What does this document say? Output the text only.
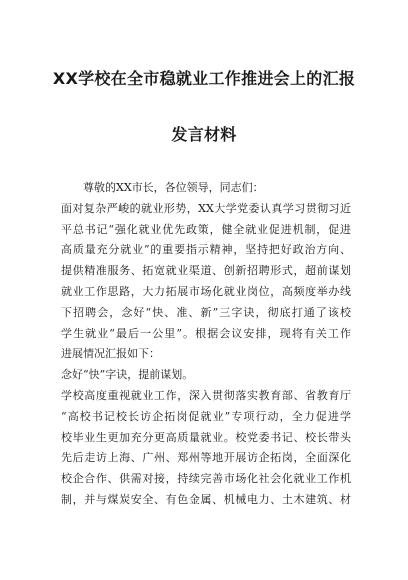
XX学校在全市稳就业工作推进会上的汇报
发言材料
尊敬的XX市长，各位领导，同志们：
面对复杂严峻的就业形势，XX大学党委认真学习贯彻习近
平总书记“强化就业优先政策，健全就业促进机制，促进
高质量充分就业”的重要指示精神，坚持把好政治方向、
提供精准服务、拓宽就业渠道、创新招聘形式，超前谋划
就业工作思路，大力拓展市场化就业岗位，高频度举办线
下招聘会，念好“快、准、新”三字诀，彻底打通了该校
学生就业“最后一公里”。根据会议安排，现将有关工作
进展情况汇报如下：
念好“快”字诀，提前谋划。
学校高度重视就业工作，深入贯彻落实教育部、省教育厅
“高校书记校长访企拓岗促就业”专项行动，全力促进学
校毕业生更加充分更高质量就业。校党委书记、校长带头
先后走访上海、广州、郑州等地开展访企拓岗，全面深化
校企合作、供需对接，持续完善市场化社会化就业工作机
制，并与煤炭安全、有色金属、机械电力、土木建筑、材
